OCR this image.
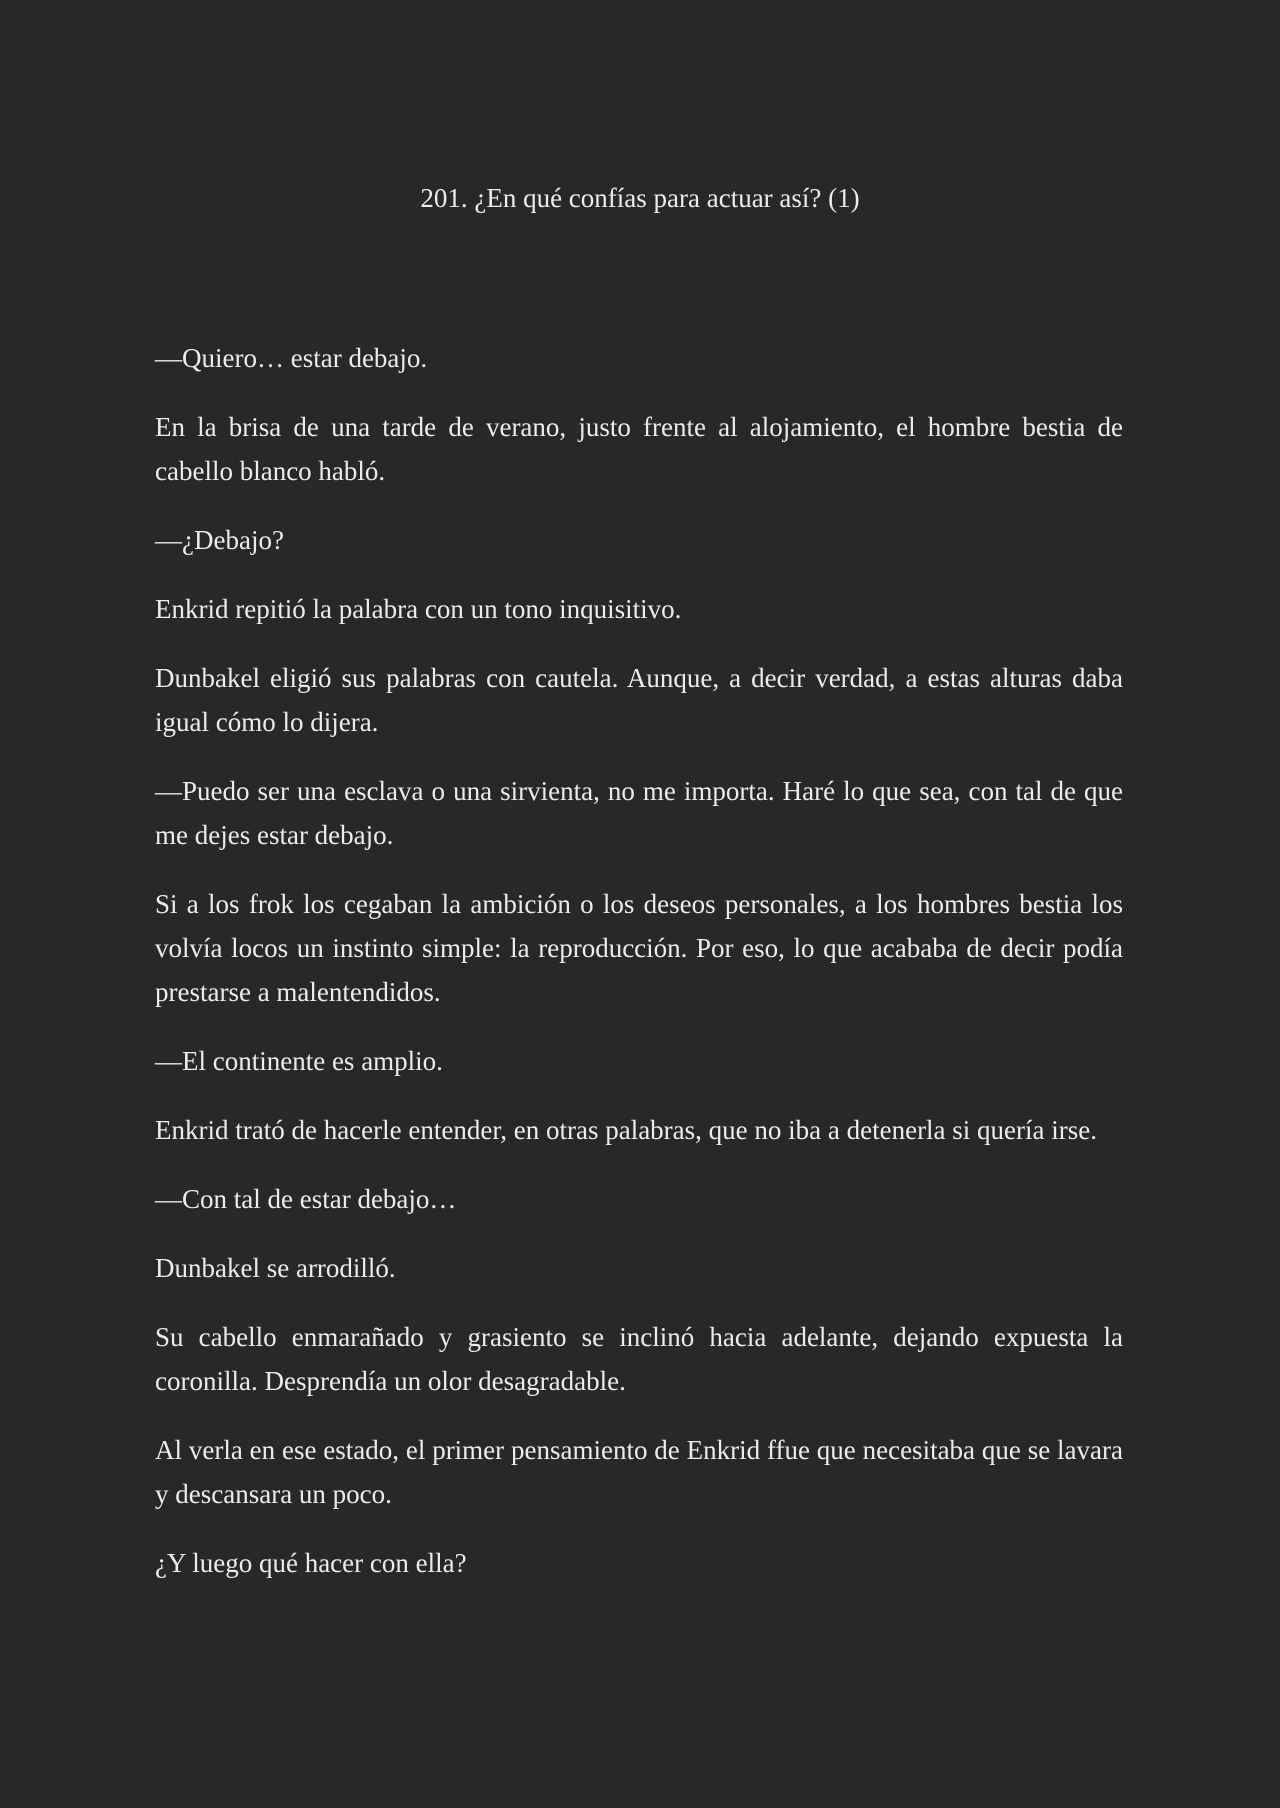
201. ¿En qué confías para actuar así? (1)

—Quiero… estar debajo.

En la brisa de una tarde de verano, justo frente al alojamiento, el hombre bestia de cabello blanco habló.

—¿Debajo?

Enkrid repitió la palabra con un tono inquisitivo.

Dunbakel eligió sus palabras con cautela. Aunque, a decir verdad, a estas alturas daba igual cómo lo dijera.

—Puedo ser una esclava o una sirvienta, no me importa. Haré lo que sea, con tal de que me dejes estar debajo.

Si a los frok los cegaban la ambición o los deseos personales, a los hombres bestia los volvía locos un instinto simple: la reproducción. Por eso, lo que acababa de decir podía prestarse a malentendidos.

—El continente es amplio.

Enkrid trató de hacerle entender, en otras palabras, que no iba a detenerla si quería irse.

—Con tal de estar debajo…

Dunbakel se arrodilló.

Su cabello enmarañado y grasiento se inclinó hacia adelante, dejando expuesta la coronilla. Desprendía un olor desagradable.

Al verla en ese estado, el primer pensamiento de Enkrid ffue que necesitaba que se lavara y descansara un poco.

¿Y luego qué hacer con ella?
